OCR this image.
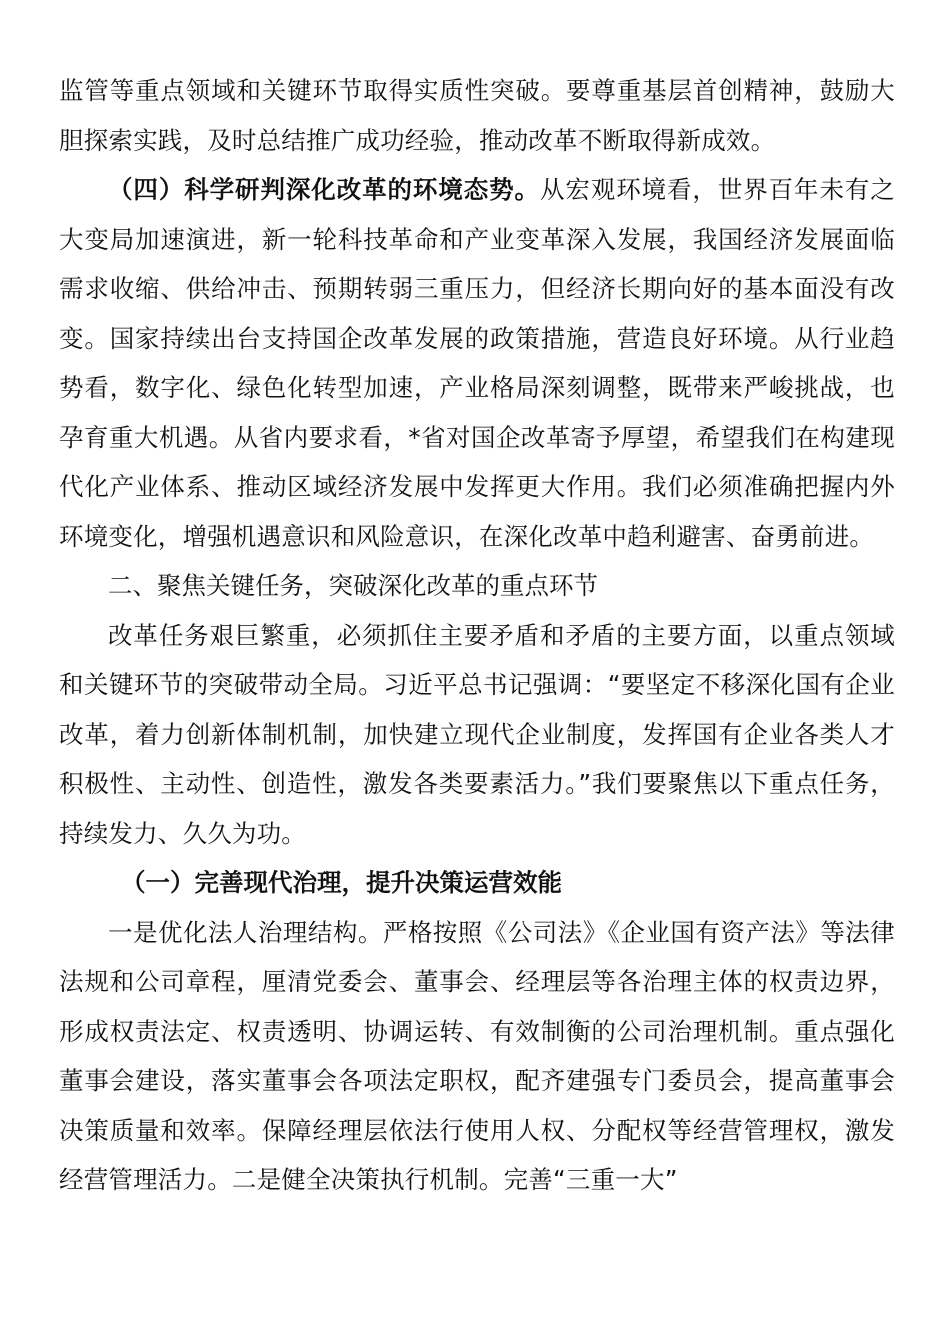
监管等重点领域和关键环节取得实质性突破。要尊重基层首创精神，鼓励大胆探索实践，及时总结推广成功经验，推动改革不断取得新成效。

（四）科学研判深化改革的环境态势。从宏观环境看，世界百年未有之大变局加速演进，新一轮科技革命和产业变革深入发展，我国经济发展面临需求收缩、供给冲击、预期转弱三重压力，但经济长期向好的基本面没有改变。国家持续出台支持国企改革发展的政策措施，营造良好环境。从行业趋势看，数字化、绿色化转型加速，产业格局深刻调整，既带来严峻挑战，也孕育重大机遇。从省内要求看，*省对国企改革寄予厚望，希望我们在构建现代化产业体系、推动区域经济发展中发挥更大作用。我们必须准确把握内外环境变化，增强机遇意识和风险意识，在深化改革中趋利避害、奋勇前进。

二、聚焦关键任务，突破深化改革的重点环节

改革任务艰巨繁重，必须抓住主要矛盾和矛盾的主要方面，以重点领域和关键环节的突破带动全局。习近平总书记强调：“要坚定不移深化国有企业改革，着力创新体制机制，加快建立现代企业制度，发挥国有企业各类人才积极性、主动性、创造性，激发各类要素活力。”我们要聚焦以下重点任务，持续发力、久久为功。

（一）完善现代治理，提升决策运营效能

一是优化法人治理结构。严格按照《公司法》《企业国有资产法》等法律法规和公司章程，厘清党委会、董事会、经理层等各治理主体的权责边界，形成权责法定、权责透明、协调运转、有效制衡的公司治理机制。重点强化董事会建设，落实董事会各项法定职权，配齐建强专门委员会，提高董事会决策质量和效率。保障经理层依法行使用人权、分配权等经营管理权，激发经营管理活力。二是健全决策执行机制。完善“三重一大”
